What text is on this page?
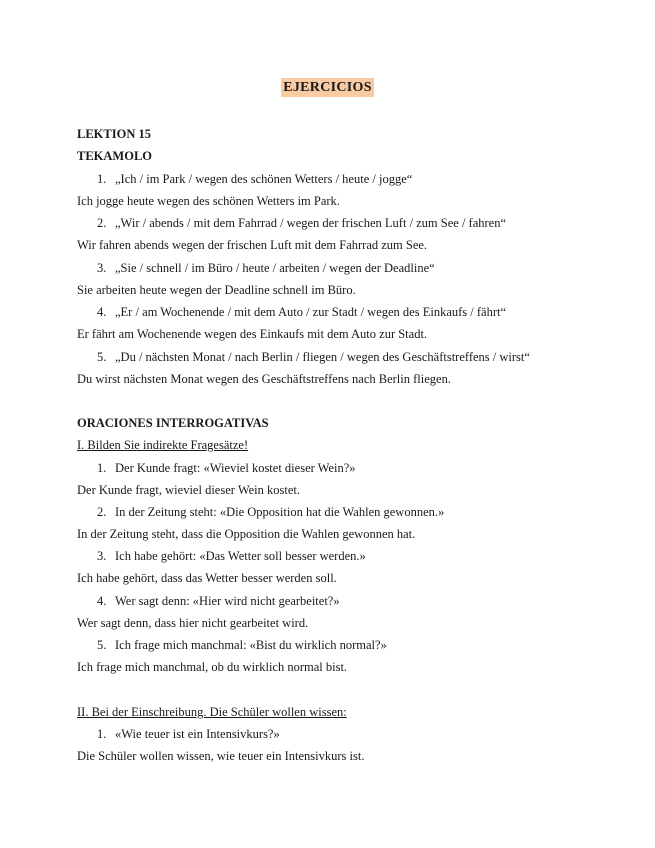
EJERCICIOS
LEKTION 15
TEKAMOLO
1. „Ich / im Park / wegen des schönen Wetters / heute / jogge“
Ich jogge heute wegen des schönen Wetters im Park.
2. „Wir / abends / mit dem Fahrrad / wegen der frischen Luft / zum See / fahren“
Wir fahren abends wegen der frischen Luft mit dem Fahrrad zum See.
3. „Sie / schnell / im Büro / heute / arbeiten / wegen der Deadline“
Sie arbeiten heute wegen der Deadline schnell im Büro.
4. „Er / am Wochenende / mit dem Auto / zur Stadt / wegen des Einkaufs / fährt“
Er fährt am Wochenende wegen des Einkaufs mit dem Auto zur Stadt.
5. „Du / nächsten Monat / nach Berlin / fliegen / wegen des Geschäftstreffens / wirst“
Du wirst nächsten Monat wegen des Geschäftstreffens nach Berlin fliegen.
ORACIONES INTERROGATIVAS
I. Bilden Sie indirekte Fragesätze!
1. Der Kunde fragt: «Wieviel kostet dieser Wein?»
Der Kunde fragt, wieviel dieser Wein kostet.
2. In der Zeitung steht: «Die Opposition hat die Wahlen gewonnen.»
In der Zeitung steht, dass die Opposition die Wahlen gewonnen hat.
3. Ich habe gehört: «Das Wetter soll besser werden.»
Ich habe gehört, dass das Wetter besser werden soll.
4. Wer sagt denn: «Hier wird nicht gearbeitet?»
Wer sagt denn, dass hier nicht gearbeitet wird.
5. Ich frage mich manchmal: «Bist du wirklich normal?»
Ich frage mich manchmal, ob du wirklich normal bist.
II. Bei der Einschreibung. Die Schüler wollen wissen:
1. «Wie teuer ist ein Intensivkurs?»
Die Schüler wollen wissen, wie teuer ein Intensivkurs ist.
